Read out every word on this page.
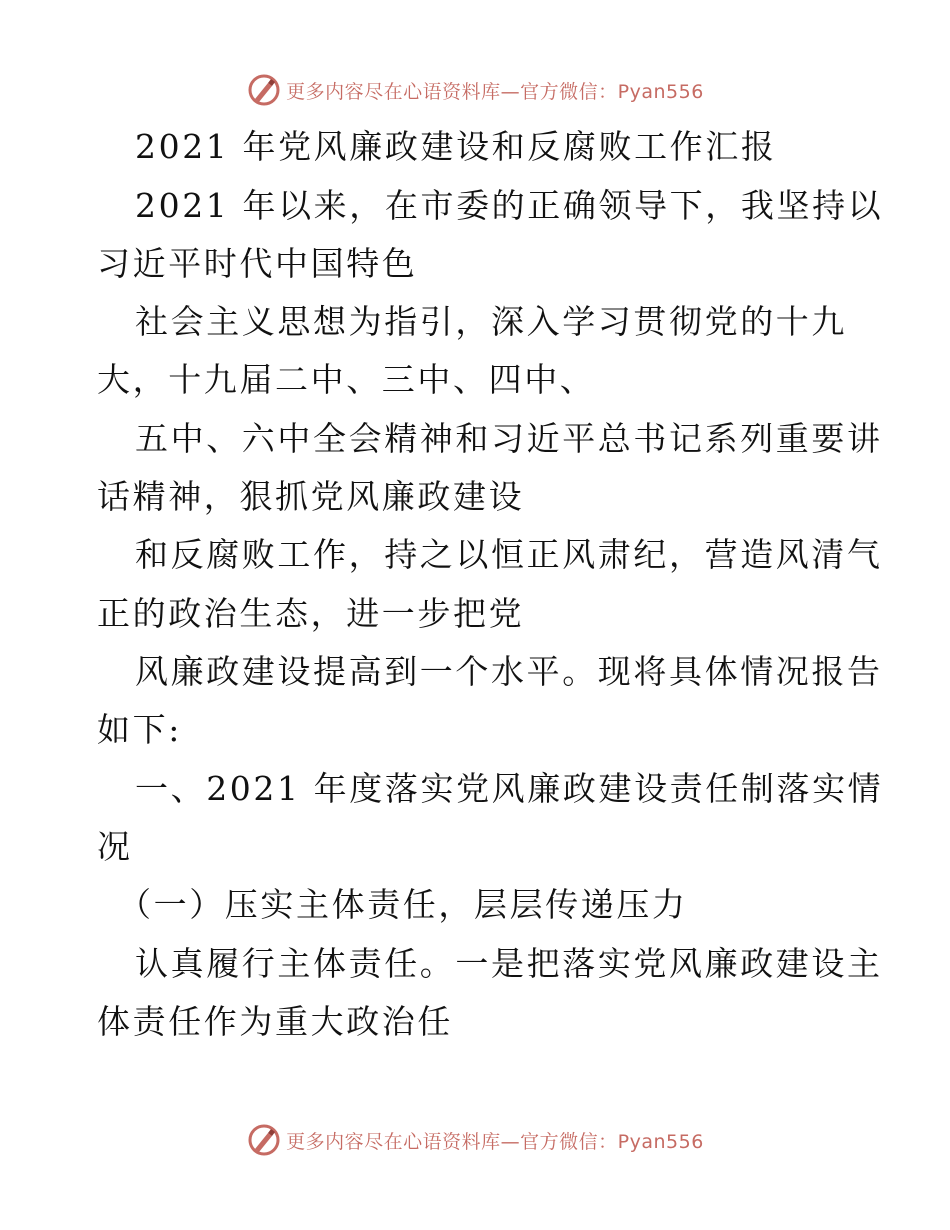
更多内容尽在心语资料库—官方微信：Pyan556
2021 年党风廉政建设和反腐败工作汇报
2021 年以来，在市委的正确领导下，我坚持以
习近平时代中国特色
社会主义思想为指引，深入学习贯彻党的十九
大，十九届二中、三中、四中、
五中、六中全会精神和习近平总书记系列重要讲
话精神，狠抓党风廉政建设
和反腐败工作，持之以恒正风肃纪，营造风清气
正的政治生态，进一步把党
风廉政建设提高到一个水平。现将具体情况报告
如下:
一、2021 年度落实党风廉政建设责任制落实情
况
（一）压实主体责任，层层传递压力
认真履行主体责任。一是把落实党风廉政建设主
体责任作为重大政治任
更多内容尽在心语资料库—官方微信：Pyan556
